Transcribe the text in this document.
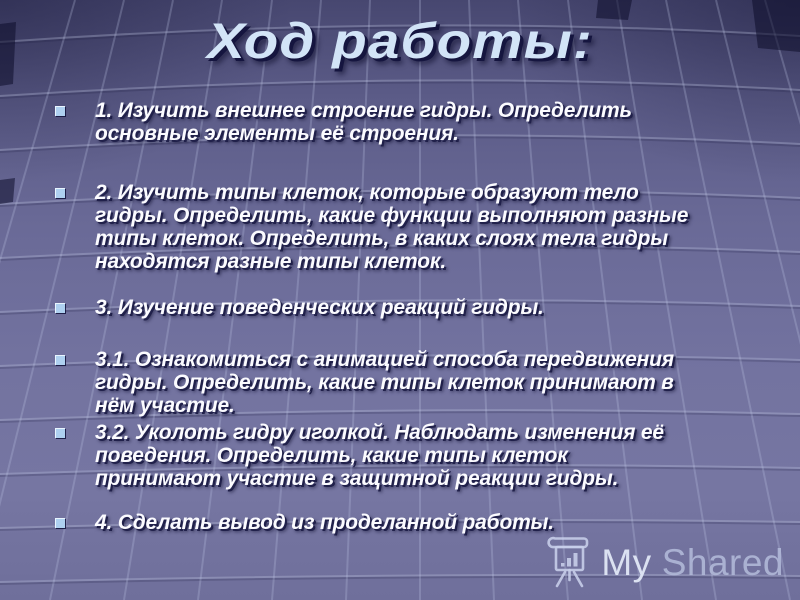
Ход работы:
1. Изучить внешнее строение гидры. Определить основные элементы её строения.
2. Изучить типы клеток, которые образуют тело гидры. Определить, какие функции выполняют разные типы клеток. Определить, в каких слоях тела гидры находятся разные типы клеток.
3. Изучение поведенческих реакций гидры.
3.1. Ознакомиться с анимацией способа передвижения гидры. Определить, какие типы клеток принимают в нём участие.
3.2. Уколоть гидру иголкой. Наблюдать изменения её поведения. Определить, какие типы клеток принимают участие в защитной реакции гидры.
4. Сделать вывод из проделанной работы.
My Shared
